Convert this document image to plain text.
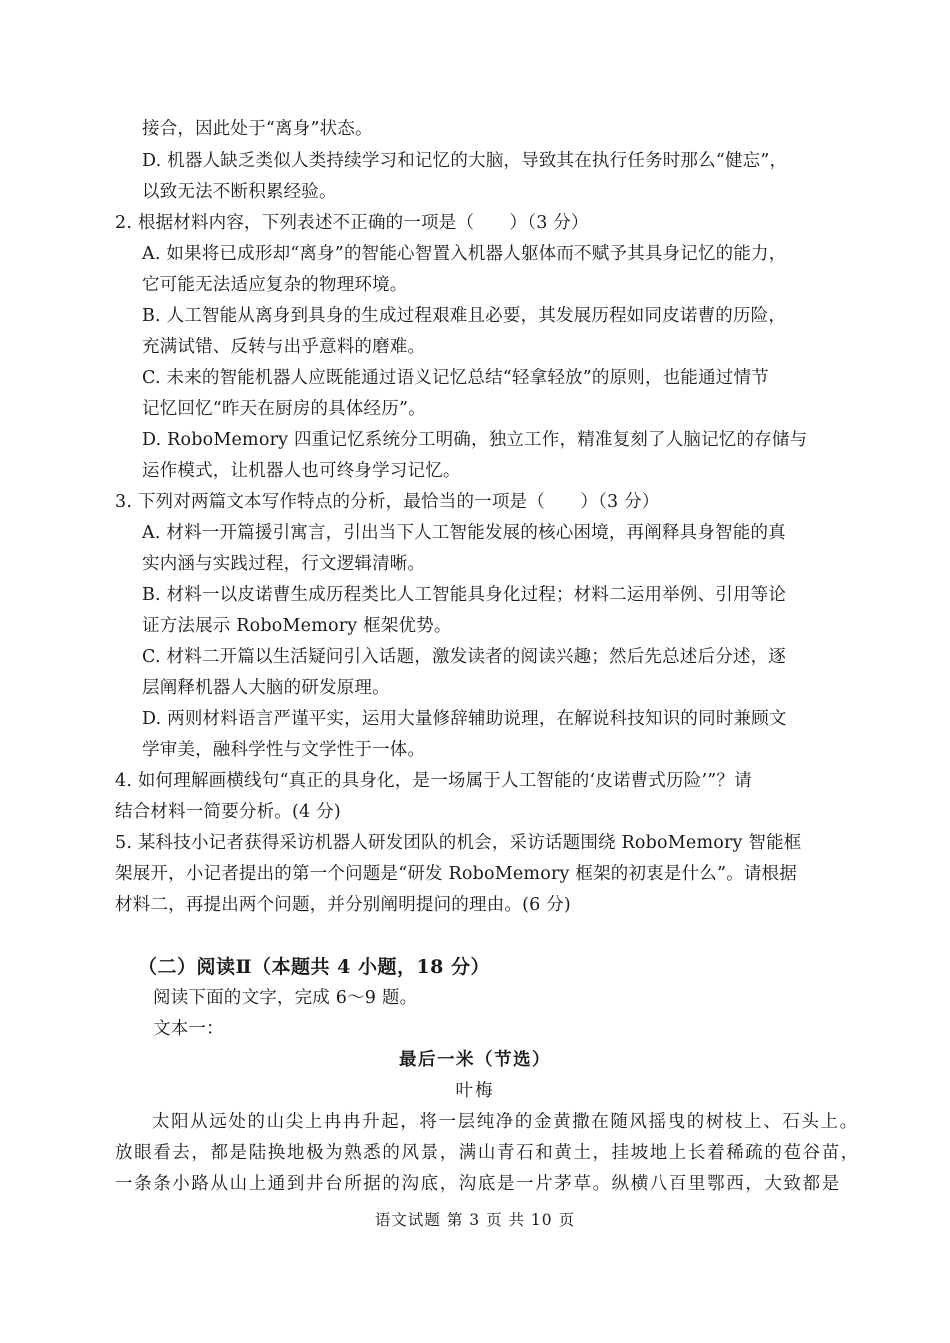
接合，因此处于“离身”状态。
D. 机器人缺乏类似人类持续学习和记忆的大脑，导致其在执行任务时那么“健忘”，
以致无法不断积累经验。
2. 根据材料内容，下列表述不正确的一项是（　　）（3 分）
A. 如果将已成形却“离身”的智能心智置入机器人躯体而不赋予其具身记忆的能力，
它可能无法适应复杂的物理环境。
B. 人工智能从离身到具身的生成过程艰难且必要，其发展历程如同皮诺曹的历险，
充满试错、反转与出乎意料的磨难。
C. 未来的智能机器人应既能通过语义记忆总结“轻拿轻放”的原则，也能通过情节
记忆回忆“昨天在厨房的具体经历”。
D. RoboMemory 四重记忆系统分工明确，独立工作，精准复刻了人脑记忆的存储与
运作模式，让机器人也可终身学习记忆。
3. 下列对两篇文本写作特点的分析，最恰当的一项是（　　）（3 分）
A. 材料一开篇援引寓言，引出当下人工智能发展的核心困境，再阐释具身智能的真
实内涵与实践过程，行文逻辑清晰。
B. 材料一以皮诺曹生成历程类比人工智能具身化过程；材料二运用举例、引用等论
证方法展示 RoboMemory 框架优势。
C. 材料二开篇以生活疑问引入话题，激发读者的阅读兴趣；然后先总述后分述，逐
层阐释机器人大脑的研发原理。
D. 两则材料语言严谨平实，运用大量修辞辅助说理，在解说科技知识的同时兼顾文
学审美，融科学性与文学性于一体。
4. 如何理解画横线句“真正的具身化，是一场属于人工智能的‘皮诺曹式历险’”？请
结合材料一简要分析。(4 分)
5. 某科技小记者获得采访机器人研发团队的机会，采访话题围绕 RoboMemory 智能框
架展开，小记者提出的第一个问题是“研发 RoboMemory 框架的初衷是什么”。请根据
材料二，再提出两个问题，并分别阐明提问的理由。(6 分)
（二）阅读Ⅱ（本题共 4 小题，18 分）
阅读下面的文字，完成 6～9 题。
文本一：
最后一米（节选）
叶梅
太阳从远处的山尖上冉冉升起，将一层纯净的金黄撒在随风摇曳的树枝上、石头上。
放眼看去，都是陆换地极为熟悉的风景，满山青石和黄土，挂坡地上长着稀疏的苞谷苗，
一条条小路从山上通到井台所据的沟底，沟底是一片茅草。纵横八百里鄂西，大致都是
语文试题 第 3 页 共 10 页
